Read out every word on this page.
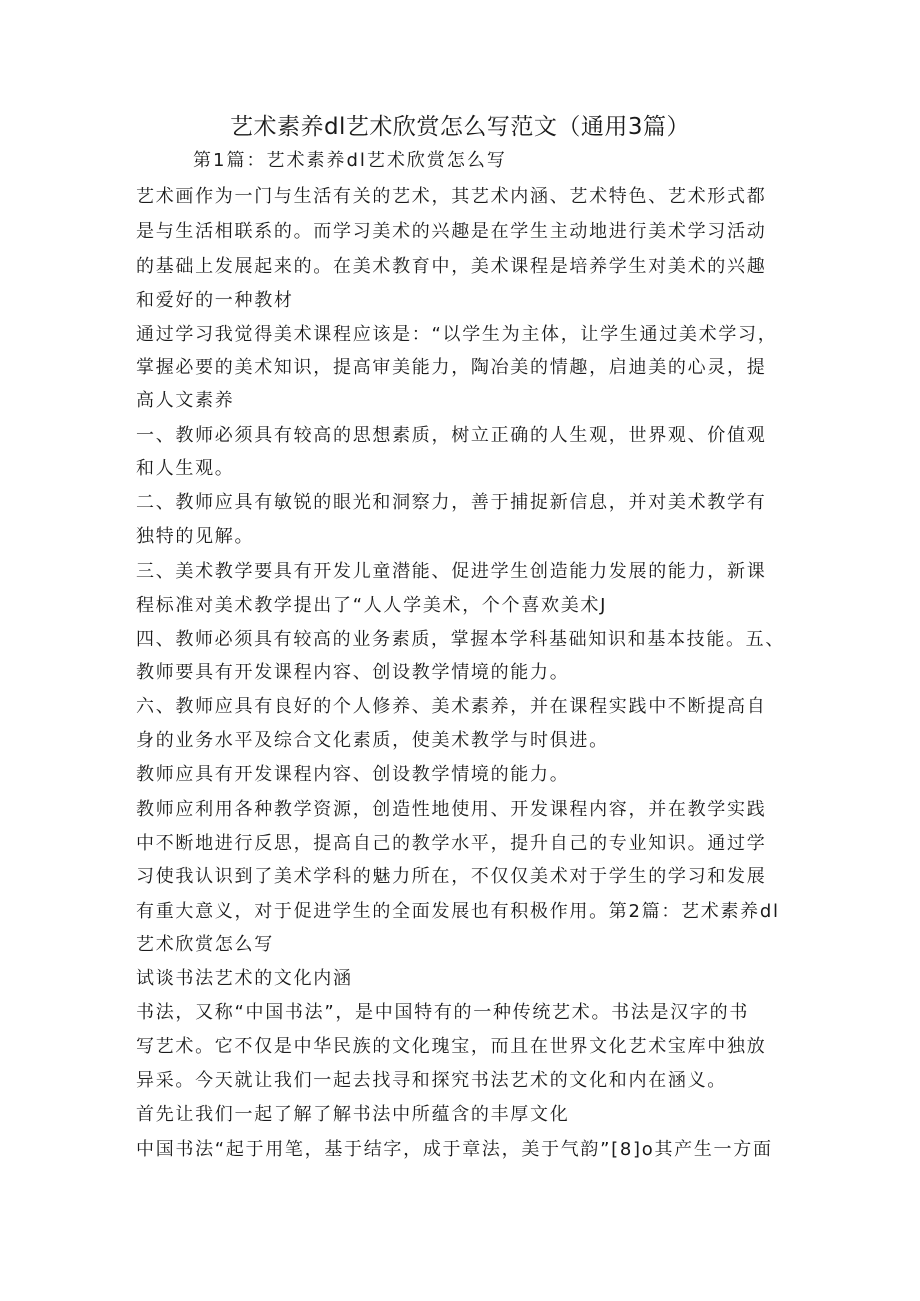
艺术素养dl艺术欣赏怎么写范文（通用3篇）
第1篇：艺术素养dl艺术欣赏怎么写
艺术画作为一门与生活有关的艺术，其艺术内涵、艺术特色、艺术形式都
是与生活相联系的。而学习美术的兴趣是在学生主动地进行美术学习活动
的基础上发展起来的。在美术教育中，美术课程是培养学生对美术的兴趣
和爱好的一种教材
通过学习我觉得美术课程应该是：“以学生为主体，让学生通过美术学习，
掌握必要的美术知识，提高审美能力，陶冶美的情趣，启迪美的心灵，提
高人文素养
一、教师必须具有较高的思想素质，树立正确的人生观，世界观、价值观
和人生观。
二、教师应具有敏锐的眼光和洞察力，善于捕捉新信息，并对美术教学有
独特的见解。
三、美术教学要具有开发儿童潜能、促进学生创造能力发展的能力，新课
程标准对美术教学提出了“人人学美术，个个喜欢美术J
四、教师必须具有较高的业务素质，掌握本学科基础知识和基本技能。五、
教师要具有开发课程内容、创设教学情境的能力。
六、教师应具有良好的个人修养、美术素养，并在课程实践中不断提高自
身的业务水平及综合文化素质，使美术教学与时俱进。
教师应具有开发课程内容、创设教学情境的能力。
教师应利用各种教学资源，创造性地使用、开发课程内容，并在教学实践
中不断地进行反思，提高自己的教学水平，提升自己的专业知识。通过学
习使我认识到了美术学科的魅力所在，不仅仅美术对于学生的学习和发展
有重大意义，对于促进学生的全面发展也有积极作用。第2篇：艺术素养dl
艺术欣赏怎么写
试谈书法艺术的文化内涵
书法，又称“中国书法”，是中国特有的一种传统艺术。书法是汉字的书
写艺术。它不仅是中华民族的文化瑰宝，而且在世界文化艺术宝库中独放
异采。今天就让我们一起去找寻和探究书法艺术的文化和内在涵义。
首先让我们一起了解了解书法中所蕴含的丰厚文化
中国书法“起于用笔，基于结字，成于章法，美于气韵”[8]o其产生一方面
